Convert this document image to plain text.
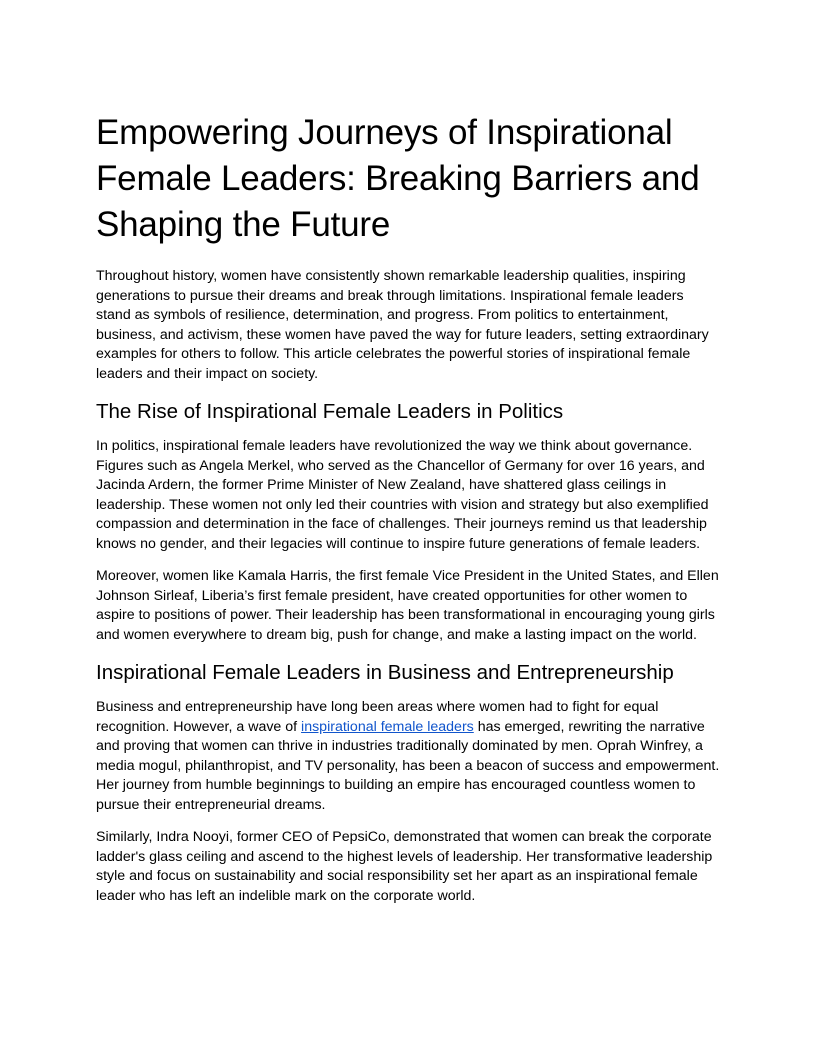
Empowering Journeys of Inspirational Female Leaders: Breaking Barriers and Shaping the Future

Throughout history, women have consistently shown remarkable leadership qualities, inspiring generations to pursue their dreams and break through limitations. Inspirational female leaders stand as symbols of resilience, determination, and progress. From politics to entertainment, business, and activism, these women have paved the way for future leaders, setting extraordinary examples for others to follow. This article celebrates the powerful stories of inspirational female leaders and their impact on society.

The Rise of Inspirational Female Leaders in Politics

In politics, inspirational female leaders have revolutionized the way we think about governance. Figures such as Angela Merkel, who served as the Chancellor of Germany for over 16 years, and Jacinda Ardern, the former Prime Minister of New Zealand, have shattered glass ceilings in leadership. These women not only led their countries with vision and strategy but also exemplified compassion and determination in the face of challenges. Their journeys remind us that leadership knows no gender, and their legacies will continue to inspire future generations of female leaders.

Moreover, women like Kamala Harris, the first female Vice President in the United States, and Ellen Johnson Sirleaf, Liberia’s first female president, have created opportunities for other women to aspire to positions of power. Their leadership has been transformational in encouraging young girls and women everywhere to dream big, push for change, and make a lasting impact on the world.

Inspirational Female Leaders in Business and Entrepreneurship

Business and entrepreneurship have long been areas where women had to fight for equal recognition. However, a wave of inspirational female leaders has emerged, rewriting the narrative and proving that women can thrive in industries traditionally dominated by men. Oprah Winfrey, a media mogul, philanthropist, and TV personality, has been a beacon of success and empowerment. Her journey from humble beginnings to building an empire has encouraged countless women to pursue their entrepreneurial dreams.

Similarly, Indra Nooyi, former CEO of PepsiCo, demonstrated that women can break the corporate ladder's glass ceiling and ascend to the highest levels of leadership. Her transformative leadership style and focus on sustainability and social responsibility set her apart as an inspirational female leader who has left an indelible mark on the corporate world.
